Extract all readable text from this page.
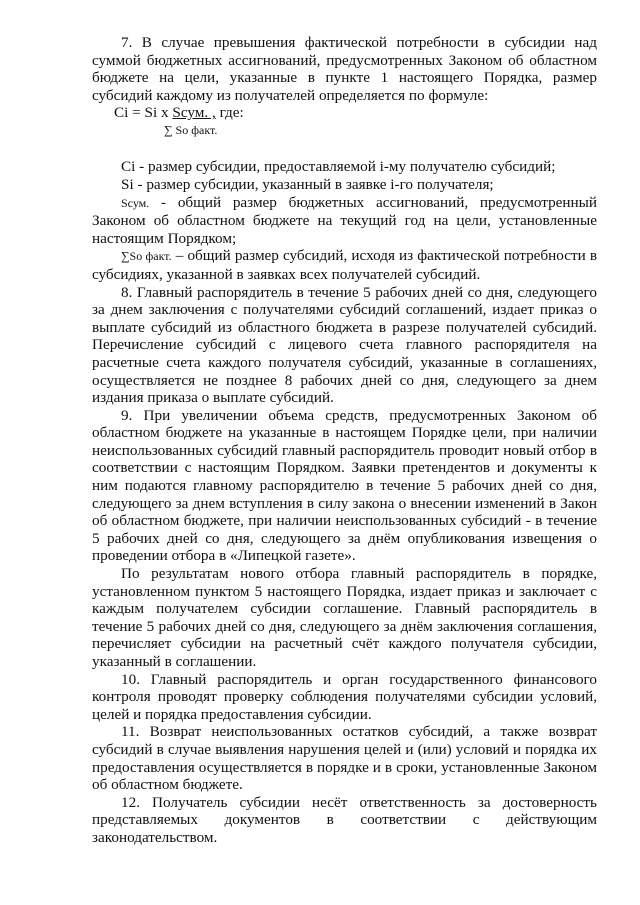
7. В случае превышения фактической потребности в субсидии над суммой бюджетных ассигнований, предусмотренных Законом об областном бюджете на цели, указанные в пункте 1 настоящего Порядка, размер субсидий каждому из получателей определяется по формуле:

Ci = Si x Sсум. , где:
∑ Sо факт.

Ci - размер субсидии, предоставляемой i-му получателю субсидий;

Si - размер субсидии, указанный в заявке i-го получателя;

Sсум. - общий размер бюджетных ассигнований, предусмотренный Законом об областном бюджете на текущий год на цели, установленные настоящим Порядком;

∑So факт. – общий размер субсидий, исходя из фактической потребности в субсидиях, указанной в заявках всех получателей субсидий.

8. Главный распорядитель в течение 5 рабочих дней со дня, следующего за днем заключения с получателями субсидий соглашений, издает приказ о выплате субсидий из областного бюджета в разрезе получателей субсидий. Перечисление субсидий с лицевого счета главного распорядителя на расчетные счета каждого получателя субсидий, указанные в соглашениях, осуществляется не позднее 8 рабочих дней со дня, следующего за днем издания приказа о выплате субсидий.

9. При увеличении объема средств, предусмотренных Законом об областном бюджете на указанные в настоящем Порядке цели, при наличии неиспользованных субсидий главный распорядитель проводит новый отбор в соответствии с настоящим Порядком. Заявки претендентов и документы к ним подаются главному распорядителю в течение 5 рабочих дней со дня, следующего за днем вступления в силу закона о внесении изменений в Закон об областном бюджете, при наличии неиспользованных субсидий - в течение 5 рабочих дней со дня, следующего за днём опубликования извещения о проведении отбора в «Липецкой газете».

По результатам нового отбора главный распорядитель в порядке, установленном пунктом 5 настоящего Порядка, издает приказ и заключает с каждым получателем субсидии соглашение. Главный распорядитель в течение 5 рабочих дней со дня, следующего за днём заключения соглашения, перечисляет субсидии на расчетный счёт каждого получателя субсидии, указанный в соглашении.

10. Главный распорядитель и орган государственного финансового контроля проводят проверку соблюдения получателями субсидии условий, целей и порядка предоставления субсидии.

11. Возврат неиспользованных остатков субсидий, а также возврат субсидий в случае выявления нарушения целей и (или) условий и порядка их предоставления осуществляется в порядке и в сроки, установленные Законом об областном бюджете.

12. Получатель субсидии несёт ответственность за достоверность представляемых документов в соответствии с действующим законодательством.
